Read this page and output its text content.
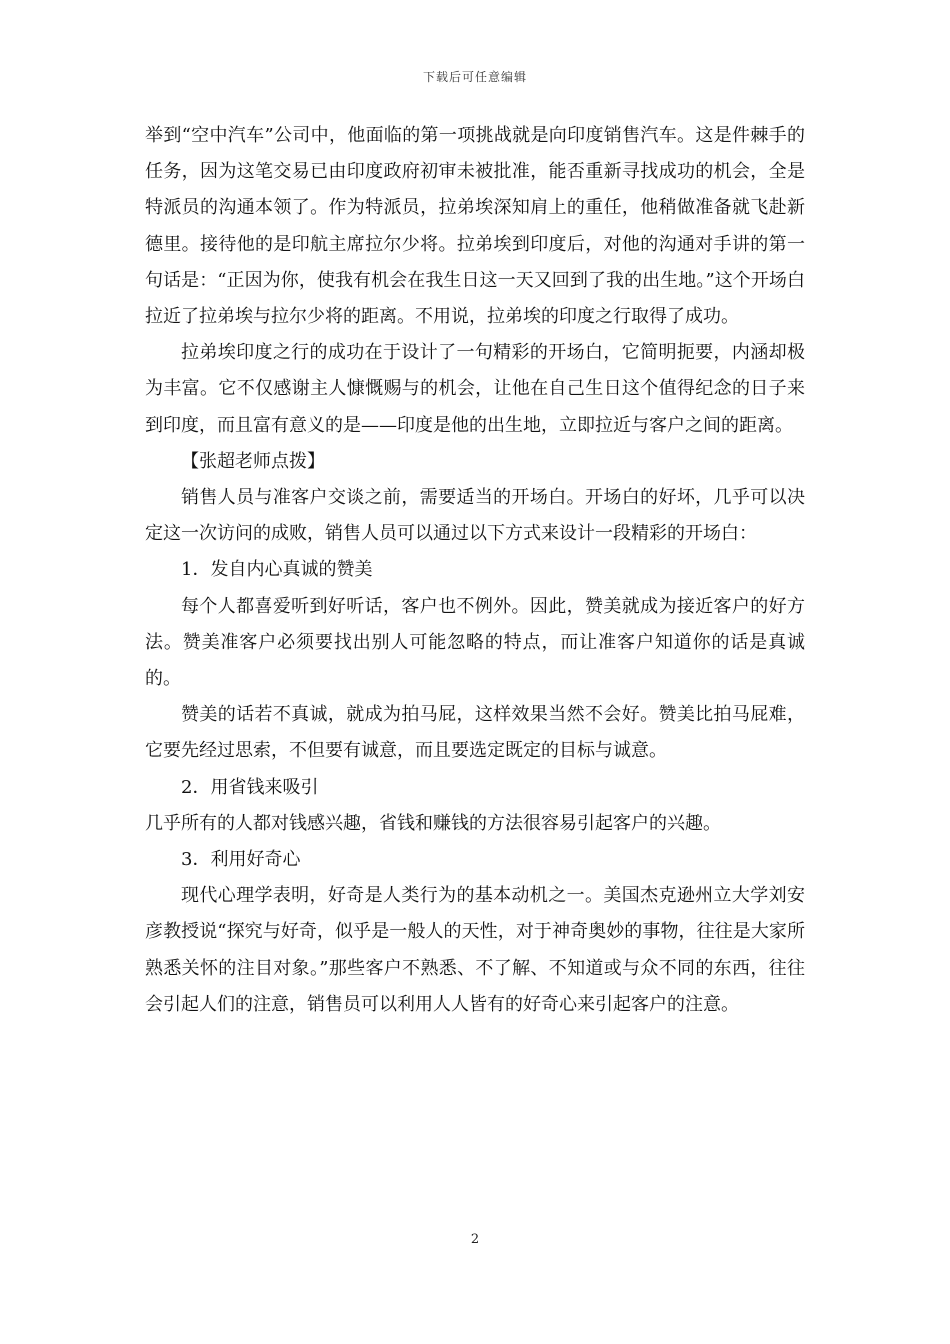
下载后可任意编辑

举到“空中汽车”公司中，他面临的第一项挑战就是向印度销售汽车。这是件棘手的任务，因为这笔交易已由印度政府初审未被批准，能否重新寻找成功的机会，全是特派员的沟通本领了。作为特派员，拉弟埃深知肩上的重任，他稍做准备就飞赴新德里。接待他的是印航主席拉尔少将。拉弟埃到印度后，对他的沟通对手讲的第一句话是：“正因为你，使我有机会在我生日这一天又回到了我的出生地。”这个开场白拉近了拉弟埃与拉尔少将的距离。不用说，拉弟埃的印度之行取得了成功。

拉弟埃印度之行的成功在于设计了一句精彩的开场白，它简明扼要，内涵却极为丰富。它不仅感谢主人慷慨赐与的机会，让他在自己生日这个值得纪念的日子来到印度，而且富有意义的是——印度是他的出生地，立即拉近与客户之间的距离。

【张超老师点拨】

销售人员与准客户交谈之前，需要适当的开场白。开场白的好坏，几乎可以决定这一次访问的成败，销售人员可以通过以下方式来设计一段精彩的开场白：

1．发自内心真诚的赞美

每个人都喜爱听到好听话，客户也不例外。因此，赞美就成为接近客户的好方法。赞美准客户必须要找出别人可能忽略的特点，而让准客户知道你的话是真诚的。

赞美的话若不真诚，就成为拍马屁，这样效果当然不会好。赞美比拍马屁难，它要先经过思索，不但要有诚意，而且要选定既定的目标与诚意。

2．用省钱来吸引

几乎所有的人都对钱感兴趣，省钱和赚钱的方法很容易引起客户的兴趣。

3．利用好奇心

现代心理学表明，好奇是人类行为的基本动机之一。美国杰克逊州立大学刘安彦教授说“探究与好奇，似乎是一般人的天性，对于神奇奥妙的事物，往往是大家所熟悉关怀的注目对象。”那些客户不熟悉、不了解、不知道或与众不同的东西，往往会引起人们的注意，销售员可以利用人人皆有的好奇心来引起客户的注意。

2
